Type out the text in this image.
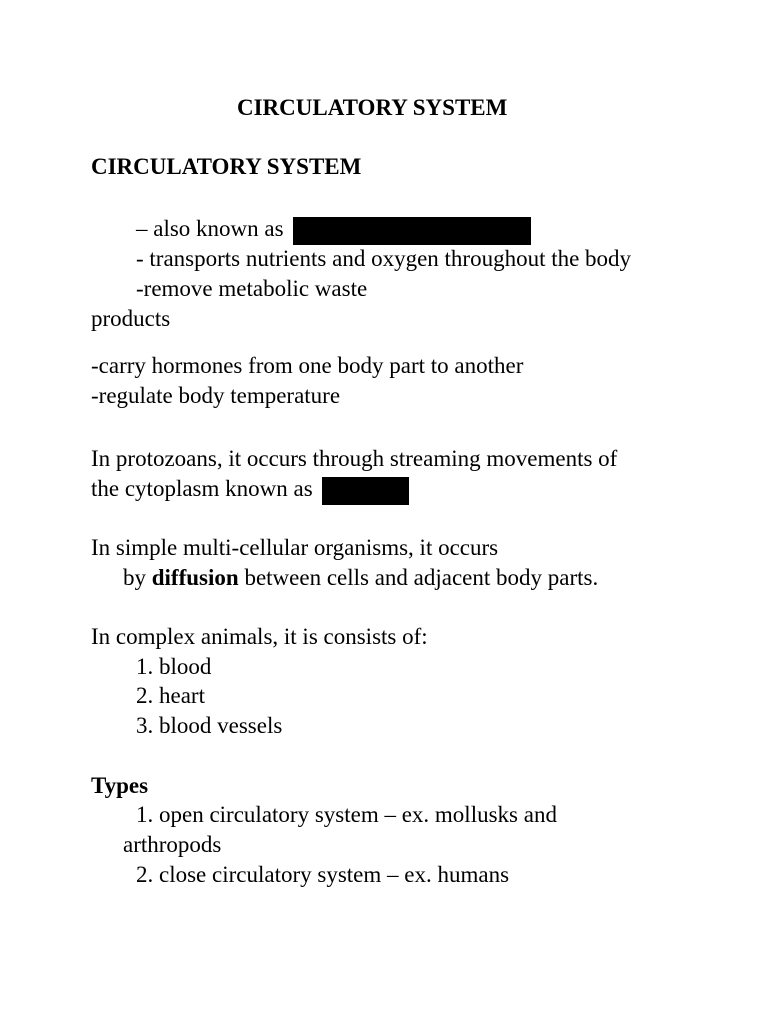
CIRCULATORY SYSTEM
CIRCULATORY SYSTEM
– also known as
- transports nutrients and oxygen throughout the body
-remove metabolic waste
products
-carry hormones from one body part to another
-regulate body temperature
In protozoans, it occurs through streaming movements of
the cytoplasm known as
In simple multi-cellular organisms, it occurs
by diffusion between cells and adjacent body parts.
In complex animals, it is consists of:
1. blood
2. heart
3. blood vessels
Types
1. open circulatory system – ex. mollusks and
arthropods
2. close circulatory system – ex. humans
